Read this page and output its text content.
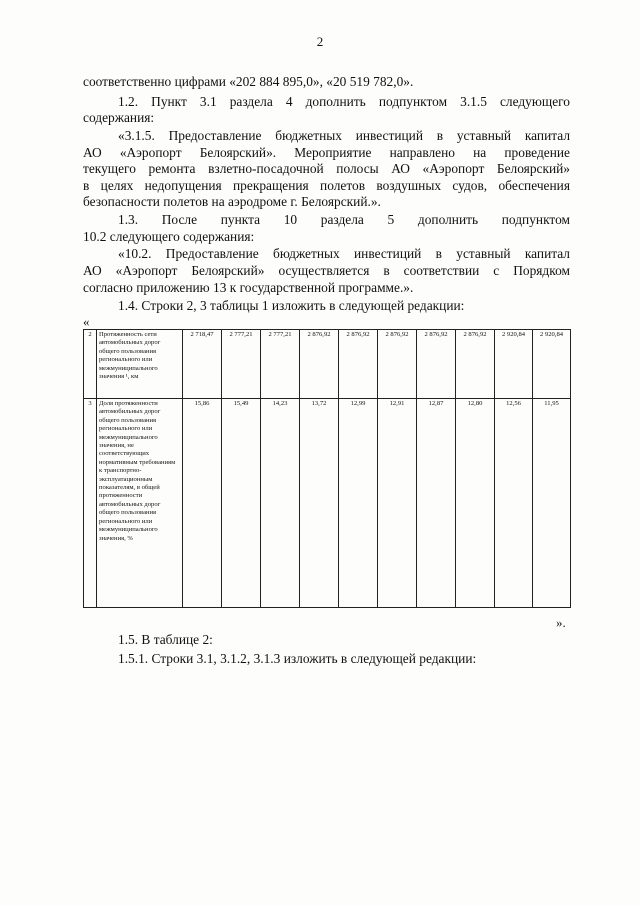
2
соответственно цифрами «202 884 895,0», «20 519 782,0».
1.2. Пункт 3.1 раздела 4 дополнить подпунктом 3.1.5 следующего
содержания:
«3.1.5. Предоставление бюджетных инвестиций в уставный капитал
АО «Аэропорт Белоярский». Мероприятие направлено на проведение
текущего ремонта взлетно-посадочной полосы АО «Аэропорт Белоярский»
в целях недопущения прекращения полетов воздушных судов, обеспечения
безопасности полетов на аэродроме г. Белоярский.».
1.3. После пункта 10 раздела 5 дополнить подпунктом
10.2 следующего содержания:
«10.2. Предоставление бюджетных инвестиций в уставный капитал
АО «Аэропорт Белоярский» осуществляется в соответствии с Порядком
согласно приложению 13 к государственной программе.».
1.4. Строки 2, 3 таблицы 1 изложить в следующей редакции:
«
2	Протяженность сети автомобильных дорог общего пользования регионального или межмуниципального значения ¹, км	2 718,47	2 777,21	2 777,21	2 876,92	2 876,92	2 876,92	2 876,92	2 876,92	2 920,84	2 920,84
3	Доля протяженности автомобильных дорог общего пользования регионального или межмуниципального значения, не соответствующих нормативным требованиям к транспортно-эксплуатационным показателям, в общей протяженности автомобильных дорог общего пользования регионального или межмуниципального значения, %	15,86	15,49	14,23	13,72	12,99	12,91	12,87	12,80	12,56	11,95
».
1.5. В таблице 2:
1.5.1. Строки 3.1, 3.1.2, 3.1.3 изложить в следующей редакции:
